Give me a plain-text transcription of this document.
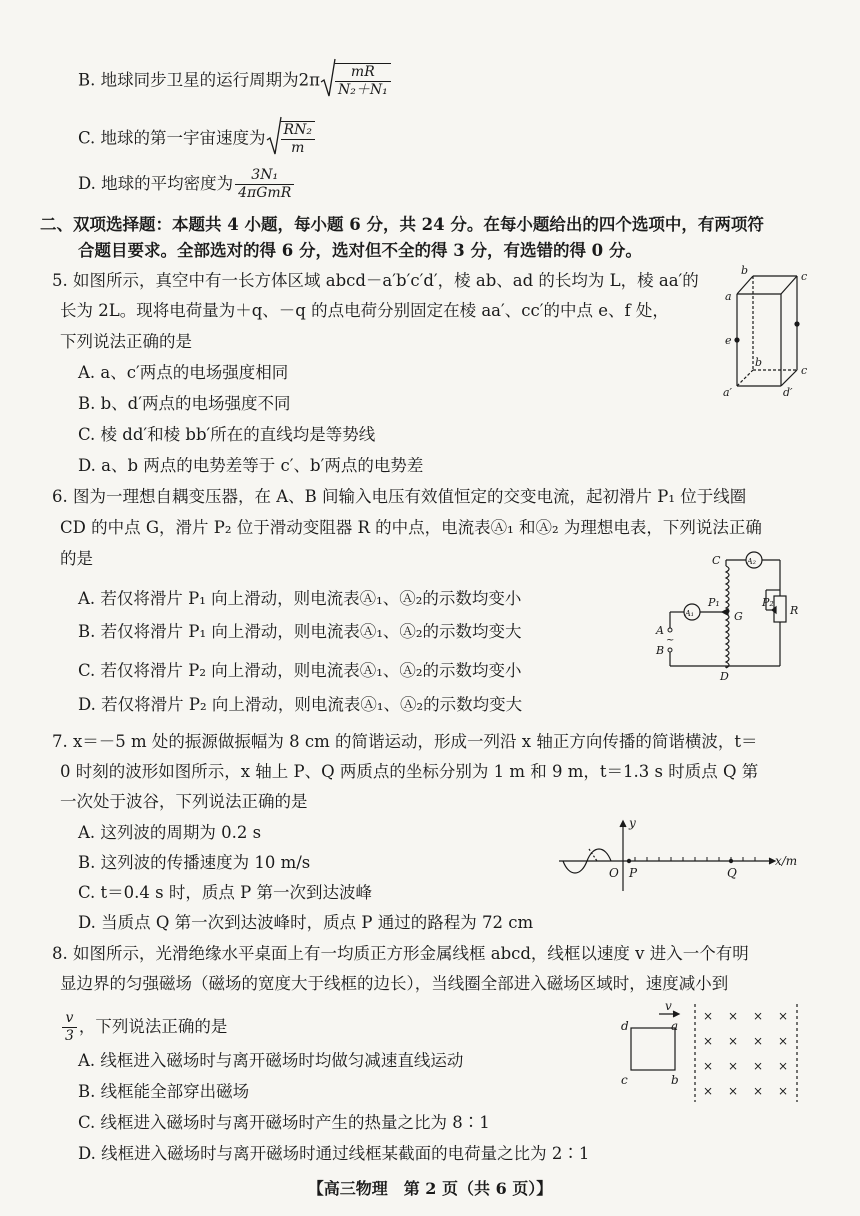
B. 地球同步卫星的运行周期为$2\pi \frac{mR}{\text{N₂＋N₁}}$
C. 地球的第一宇宙速度为 $\frac{\text{RN₂}}{m}$
D. 地球的平均密度为 $\frac{\text{3N₁}}{\text{4πGmR}}$
二、双项选择题：本题共 4 小题，每小题 6 分，共 24 分。在每小题给出的四个选项中，有两项符
合题目要求。全部选对的得 6 分，选对但不全的得 3 分，有选错的得 0 分。
5. 如图所示，真空中有一长方体区域 abcd－a′b′c′d′，棱 ab、ad 的长均为 L，棱 aa′的
长为 2L。现将电荷量为＋q、－q 的点电荷分别固定在棱 aa′、cc′的中点 e、f 处，
下列说法正确的是
A. a、c′两点的电场强度相同
B. b、d′两点的电场强度不同
C. 棱 dd′和棱 bb′所在的直线均是等势线
D. a、b 两点的电势差等于 c′、b′两点的电势差
b	c
a
e
b
a′	d′
c
6. 图为一理想自耦变压器，在 A、B 间输入电压有效值恒定的交变电流，起初滑片 P₁ 位于线圈
CD 的中点 G，滑片 P₂ 位于滑动变阻器 R 的中点，电流表Ⓐ₁ 和Ⓐ₂ 为理想电表，下列说法正确
的是
A. 若仅将滑片 P₁ 向上滑动，则电流表Ⓐ₁、Ⓐ₂的示数均变小
B. 若仅将滑片 P₁ 向上滑动，则电流表Ⓐ₁、Ⓐ₂的示数均变大
C. 若仅将滑片 P₂ 向上滑动，则电流表Ⓐ₁、Ⓐ₂的示数均变小
D. 若仅将滑片 P₂ 向上滑动，则电流表Ⓐ₁、Ⓐ₂的示数均变大
~
C	A₂
A₁
P₁	P₂
G	R
A
B
D
7. x＝－5 m 处的振源做振幅为 8 cm 的简谐运动，形成一列沿 x 轴正方向传播的简谐横波，t＝
0 时刻的波形如图所示，x 轴上 P、Q 两质点的坐标分别为 1 m 和 9 m，t＝1.3 s 时质点 Q 第
一次处于波谷，下列说法正确的是
A. 这列波的周期为 0.2 s
B. 这列波的传播速度为 10 m/s
C. t＝0.4 s 时，质点 P 第一次到达波峰
D. 当质点 Q 第一次到达波峰时，质点 P 通过的路程为 72 cm
y
O P	Q
x/m
8. 如图所示，光滑绝缘水平桌面上有一均质正方形金属线框 abcd，线框以速度 v 进入一个有明
显边界的匀强磁场（磁场的宽度大于线框的边长），当线圈全部进入磁场区域时，速度减小到
$\frac{v}{3}$ ，下列说法正确的是
A. 线框进入磁场时与离开磁场时均做匀减速直线运动
B. 线框能全部穿出磁场
C. 线框进入磁场时与离开磁场时产生的热量之比为 8∶1
D. 线框进入磁场时与离开磁场时通过线框某截面的电荷量之比为 2∶1
v
d	a
c	b
× × × ×
× × × ×
× × × ×
× × × ×
【高三物理　第 2 页（共 6 页）】
